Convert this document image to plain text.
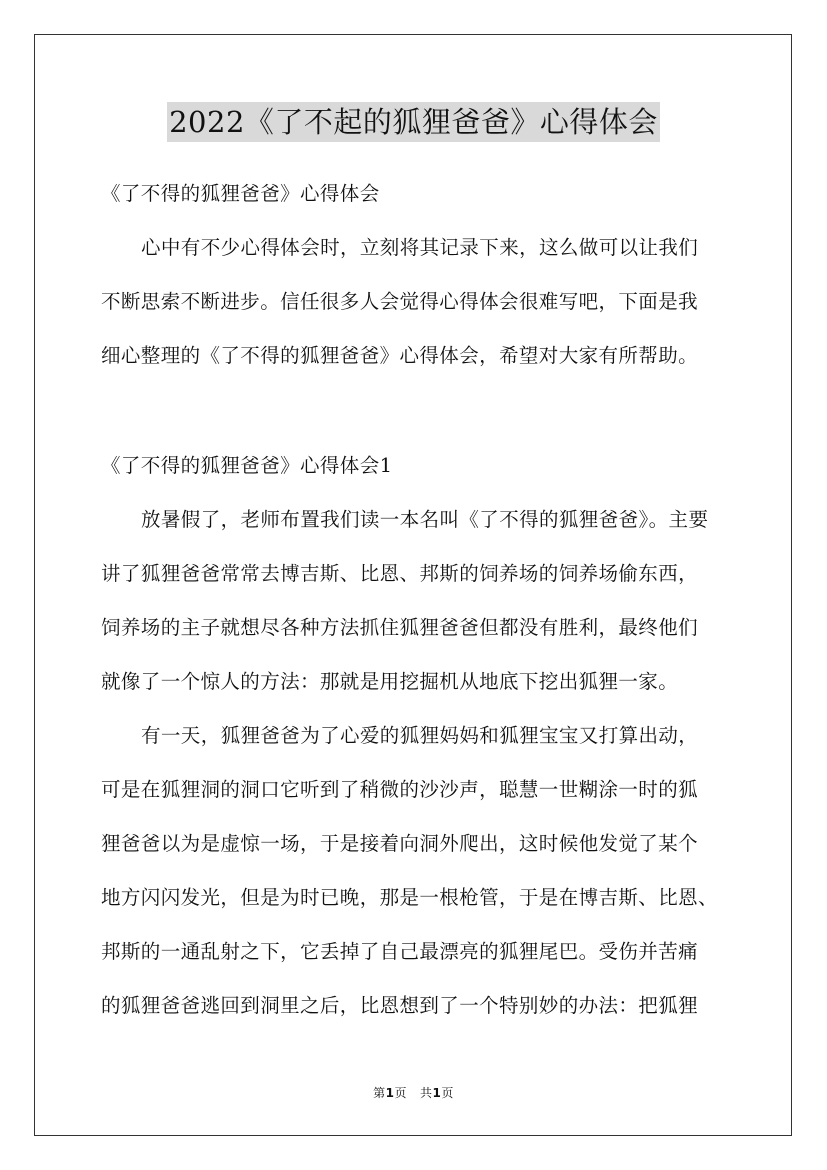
2022《了不起的狐狸爸爸》心得体会
《了不得的狐狸爸爸》心得体会
心中有不少心得体会时，立刻将其记录下来，这么做可以让我们
不断思索不断进步。信任很多人会觉得心得体会很难写吧，下面是我
细心整理的《了不得的狐狸爸爸》心得体会，希望对大家有所帮助。
《了不得的狐狸爸爸》心得体会1
放暑假了，老师布置我们读一本名叫《了不得的狐狸爸爸》。主要
讲了狐狸爸爸常常去博吉斯、比恩、邦斯的饲养场的饲养场偷东西，
饲养场的主子就想尽各种方法抓住狐狸爸爸但都没有胜利，最终他们
就像了一个惊人的方法：那就是用挖掘机从地底下挖出狐狸一家。
有一天，狐狸爸爸为了心爱的狐狸妈妈和狐狸宝宝又打算出动，
可是在狐狸洞的洞口它听到了稍微的沙沙声，聪慧一世糊涂一时的狐
狸爸爸以为是虚惊一场，于是接着向洞外爬出，这时候他发觉了某个
地方闪闪发光，但是为时已晚，那是一根枪管，于是在博吉斯、比恩、
邦斯的一通乱射之下，它丢掉了自己最漂亮的狐狸尾巴。受伤并苦痛
的狐狸爸爸逃回到洞里之后，比恩想到了一个特别妙的办法：把狐狸
第1页 共1页
